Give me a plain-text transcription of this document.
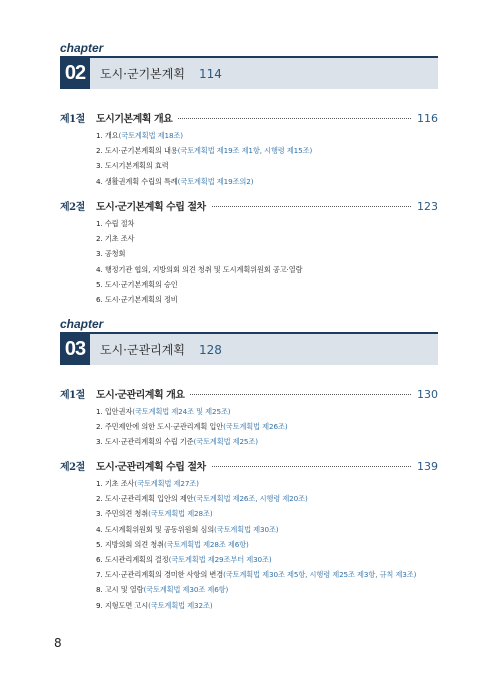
chapter
02	도시·군기본계획 114
제1절	도시기본계획 개요	116
1. 개요(국토계획법 제18조)
2. 도시·군기본계획의 내용(국토계획법 제19조 제1항, 시행령 제15조)
3. 도시기본계획의 효력
4. 생활권계획 수립의 특례(국토계획법 제19조의2)
제2절	도시·군기본계획 수립 절차	123
1. 수립 절차
2. 기초 조사
3. 공청회
4. 행정기관 협의, 지방의회 의견 청취 및 도시계획위원회 공고·열람
5. 도시·군기본계획의 승인
6. 도시·군기본계획의 정비
chapter
03	도시·군관리계획 128
제1절	도시·군관리계획 개요	130
1. 입안권자(국토계획법 제24조 및 제25조)
2. 주민제안에 의한 도시·군관리계획 입안(국토계획법 제26조)
3. 도시·군관리계획의 수립 기준(국토계획법 제25조)
제2절	도시·군관리계획 수립 절차	139
1. 기초 조사(국토계획법 제27조)
2. 도시·군관리계획 입안의 제안(국토계획법 제26조, 시행령 제20조)
3. 주민의견 청취(국토계획법 제28조)
4. 도시계획위원회 및 공동위원회 심의(국토계획법 제30조)
5. 지방의회 의견 청취(국토계획법 제28조 제6항)
6. 도시관리계획의 결정(국토계획법 제29조부터 제30조)
7. 도시·군관리계획의 경미한 사항의 변경(국토계획법 제30조 제5항, 시행령 제25조 제3항, 규칙 제3조)
8. 고시 및 열람(국토계획법 제30조 제6항)
9. 지형도면 고시(국토계획법 제32조)
8
